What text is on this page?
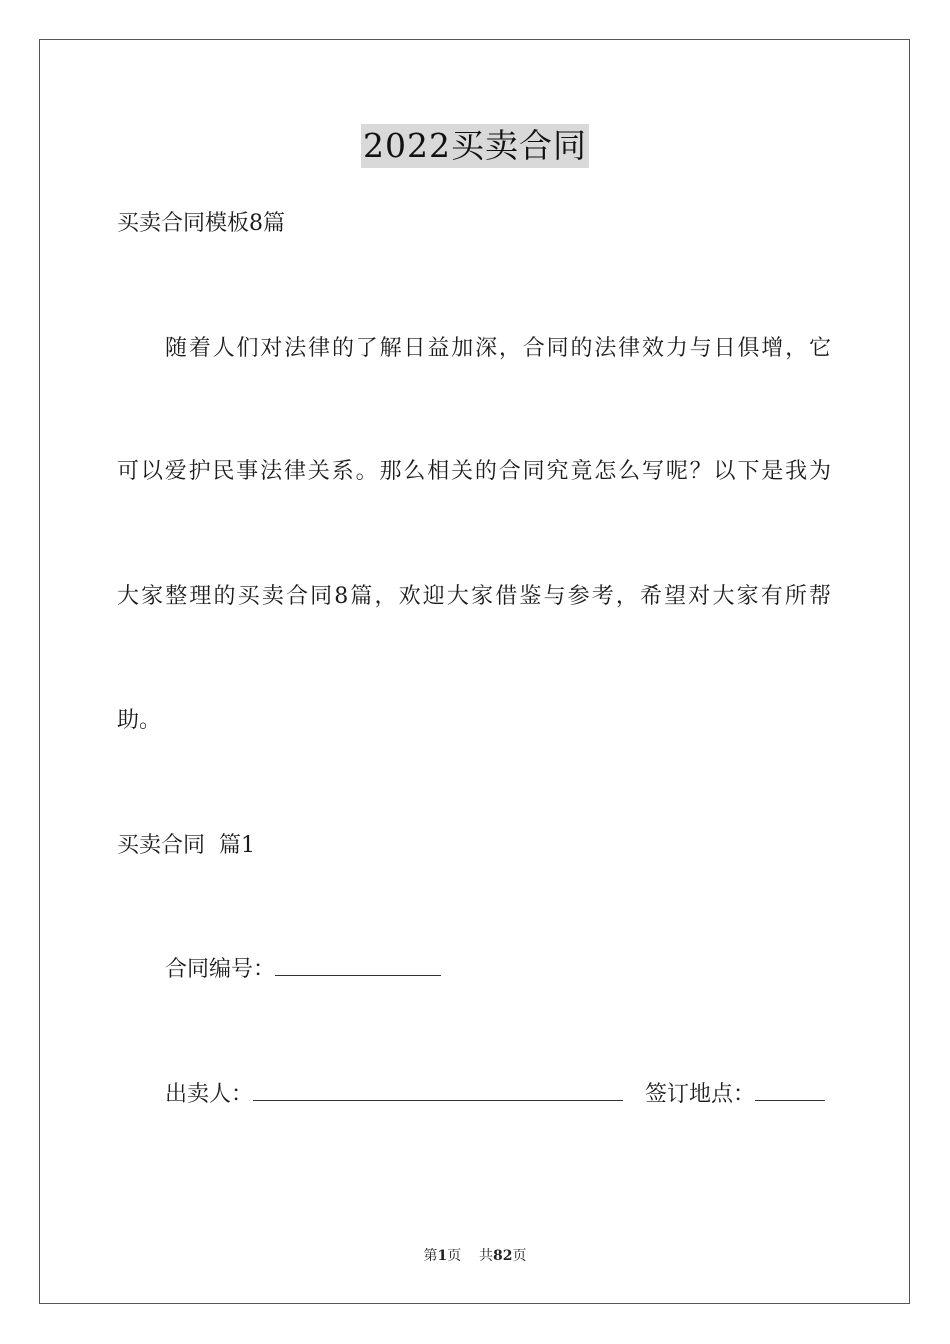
2022买卖合同
买卖合同模板8篇
随着人们对法律的了解日益加深，合同的法律效力与日俱增，它
可以爱护民事法律关系。那么相关的合同究竟怎么写呢？以下是我为
大家整理的买卖合同8篇，欢迎大家借鉴与参考，希望对大家有所帮
助。
买卖合同  篇1
合同编号：
出卖人：	签订地点：
第1页    共82页
